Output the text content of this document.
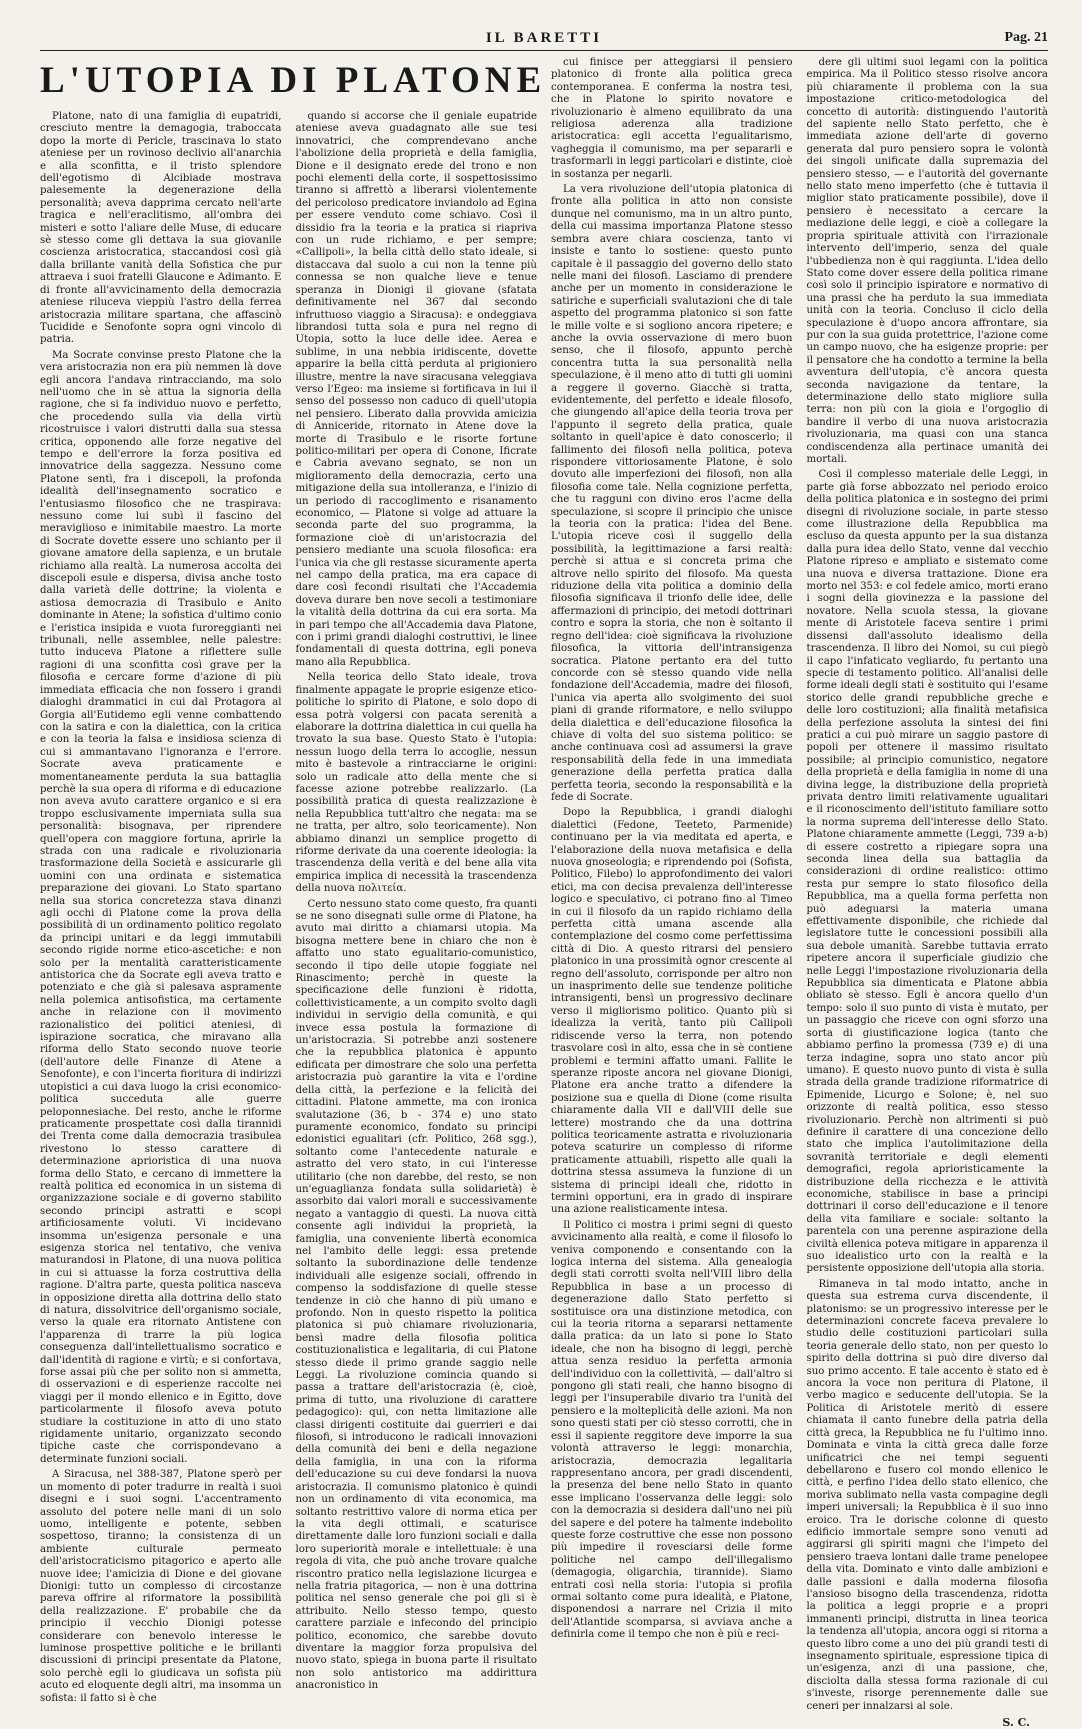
IL BARETTI	Pag. 21
L'UTOPIA DI PLATONE

Platone, nato di una famiglia di eupatridi, cresciuto mentre la demagogia, traboccata dopo la morte di Pericle, trascinava lo stato ateniese per un rovinoso declivio all'anarchia e alla sconfitta, e il tristo splendore dell'egotismo di Alcibiade mostrava palesemente la degenerazione della personalità; aveva dapprima cercato nell'arte tragica e nell'eraclitismo, all'ombra dei misteri e sotto l'aliare delle Muse, di educare sè stesso come gli dettava la sua giovanile coscienza aristocratica, staccandosi così già dalla brillante vanità della Sofistica che pur attraeva i suoi fratelli Glaucone e Adimanto. E di fronte all'avvicinamento della democrazia ateniese rilucevа vieppiù l'astro della ferrea aristocrazia militare spartana, che affascinò Tucidide e Senofonte sopra ogni vincolo di patria.

Ma Socrate convinse presto Platone che la vera aristocrazia non era più nemmen là dove egli ancora l'andava rintracciando, ma solo nell'uomo che in sè attua la signoria della ragione, che si fa individuo nuovo e perfetto, che procedendo sulla via della virtù ricostruisce i valori distrutti dalla sua stessa critica, opponendo alle forze negative del tempo e dell'errore la forza positiva ed innovatrice della saggezza. Nessuno come Platone sentì, fra i discepoli, la profonda idealità dell'insegnamento socratico e l'entusiasmo filosofico che ne traspirava: nessuno come lui subì il fascino del meraviglioso e inimitabile maestro. La morte di Socrate dovette essere uno schianto per il giovane amatore della sapienza, e un brutale richiamo alla realtà. La numerosa accolta dei discepoli esule e dispersa, divisa anche tosto dalla varietà delle dottrine; la violenta e astiosa democrazia di Trasibulo e Anito dominante in Atene; la sofistica d'ultimo conio e l'eristica insipida e vuota furoreggianti nei tribunali, nelle assemblee, nelle palestre: tutto induceva Platone a riflettere sulle ragioni di una sconfitta così grave per la filosofia e cercare forme d'azione di più immediata efficacia che non fossero i grandi dialoghi drammatici in cui dal Protagora al Gorgia all'Eutidemo egli venne combattendo con la satira e con la dialettica, con la critica e con la teoria la falsa e insidiosa scienza di cui si ammantavano l'ignoranza e l'errore. Socrate aveva praticamente e momentaneamente perduta la sua battaglia perchè la sua opera di riforma e di educazione non aveva avuto carattere organico e si era troppo esclusivamente imperniata sulla sua personalità: bisognava, per riprendere quell'opera con maggiore fortuna, aprirle la strada con una radicale e rivoluzionaria trasformazione della Società e assicurarle gli uomini con una ordinata e sistematica preparazione dei giovani. Lo Stato spartano nella sua storica concretezza stava dinanzi agli occhi di Platone come la prova della possibilità di un ordinamento politico regolato da principi unitari e da leggi immutabili secondo rigide norme etico-ascetiche: e non solo per la mentalità caratteristicamente antistorica che da Socrate egli aveva tratto e potenziato e che già si palesava aspramente nella polemica antisofistica, ma certamente anche in relazione con il movimento razionalistico dei politici ateniesi, di ispirazione socratica, che miravano alla riforma dello Stato secondo nuove teorie (dell'autore delle Finanze di Atene a Senofonte), e con l'incerta fioritura di indirizzi utopistici a cui dava luogo la crisi economico-politica succeduta alle guerre peloponnesiache. Del resto, anche le riforme praticamente prospettate così dalla tirannidi dei Trenta come dalla democrazia trasibulea rivestono lo stesso carattere di determinazione aprioristica di una nuova forma dello Stato, e cercano di immettere la realtà politica ed economica in un sistema di organizzazione sociale e di governo stabilito secondo principi astratti e scopi artificiosamente voluti. Vi incidevano insomma un'esigenza personale e una esigenza storica nel tentativo, che veniva maturandosi in Platone, di una nuova politica in cui si attuasse la forza costruttiva della ragione. D'altra parte, questa politica nasceva in opposizione diretta alla dottrina dello stato di natura, dissolvitrice dell'organismo sociale, verso la quale era ritornato Antistene con l'apparenza di trarre la più logica conseguenza dall'intellettualismo socratico e dall'identità di ragione e virtù; e si confortava, forse assai più che per solito non si ammetta, di osservazioni e di esperienze raccolte nei viaggi per il mondo ellenico e in Egitto, dove particolarmente il filosofo aveva potuto studiare la costituzione in atto di uno stato rigidamente unitario, organizzato secondo tipiche caste che corrispondevano a determinate funzioni sociali.

A Siracusa, nel 388-387, Platone sperò per un momento di poter tradurre in realtà i suoi disegni e i suoi sogni. L'accentramento assoluto del potere nelle mani di un solo uomo, intelligente e potente, sebben sospettoso, tiranno; la consistenza di un ambiente culturale permeato dell'aristocraticismo pitagorico e aperto alle nuove idee; l'amicizia di Dione e del giovane Dionigi: tutto un complesso di circostanze pareva offrire al riformatore la possibilità della realizzazione. E' probabile che da principio il vecchio Dionigi potesse considerare con benevolo interesse le luminose prospettive politiche e le brillanti discussioni di principi presentate da Platone, solo perchè egli lo giudicava un sofista più acuto ed eloquente degli altri, ma insomma un sofista: il fatto si è che

quando si accorse che il geniale eupatride ateniese aveva guadagnato alle sue tesi innovatrici, che comprendevano anche l'abolizione della proprietà e della famiglia, Dione e il designato erede del trono e non pochi elementi della corte, il sospettosissimo tiranno si affrettò a liberarsi violentemente del pericoloso predicatore inviandolo ad Egina per essere venduto come schiavo. Così il dissidio fra la teoria e la pratica si riapriva con un rude richiamo, e per sempre; «Callipoli», la bella città dello stato ideale, si distaccava dal suolo a cui non la tenne più connessa se non qualche lieve e tenue speranza in Dionigi il giovane (sfatata definitivamente nel 367 dal secondo infruttuoso viaggio a Siracusa): e ondeggiava librandosi tutta sola e pura nel regno di Utopia, sotto la luce delle idee. Aerea e sublime, in una nebbia iridiscente, dovette apparire la bella città perduta al prigioniero illustre, mentre la nave siracusana veleggiava verso l'Egeo: ma insieme si fortificava in lui il senso del possesso non caduco di quell'utopia nel pensiero. Liberato dalla provvida amicizia di Anniceride, ritornato in Atene dove la morte di Trasibulo e le risorte fortune politico-militari per opera di Conone, Ificrate e Cabria avevano segnato, se non un miglioramento della democrazia, certo una mitigazione della sua intolleranza, e l'inizio di un periodo di raccoglimento e risanamento economico, — Platone si volge ad attuare la seconda parte del suo programma, la formazione cioè di un'aristocrazia del pensiero mediante una scuola filosofica: era l'unica via che gli restasse sicuramente aperta nel campo della pratica, ma era capace di dare così fecondi risultati che l'Accademia doveva durare ben nove secoli a testimoniare la vitalità della dottrina da cui era sorta. Ma in pari tempo che all'Accademia dava Platone, con i primi grandi dialoghi costruttivi, le linee fondamentali di questa dottrina, egli poneva mano alla Repubblica.

Nella teorica dello Stato ideale, trova finalmente appagate le proprie esigenze etico-politiche lo spirito di Platone, e solo dopo di essa potrà volgersi con pacata serenità a elaborare la dottrina dialettica in cui quella ha trovato la sua base. Questo Stato è l'utopia: nessun luogo della terra lo accoglie, nessun mito è bastevole a rintracciarne le origini: solo un radicale atto della mente che si facesse azione potrebbe realizzarlo. (La possibilità pratica di questa realizzazione è nella Repubblica tutt'altro che negata: ma se ne tratta, per altro, solo teoricamente). Non abbiamo dinanzi un semplice progetto di riforme derivate da una coerente ideologia: la trascendenza della verità e del bene alla vita empirica implica di necessità la trascendenza della nuova πολιτεία.

Certo nessuno stato come questo, fra quanti se ne sono disegnati sulle orme di Platone, ha avuto mai diritto a chiamarsi utopia. Ma bisogna mettere bene in chiaro che non è affatto uno stato egualitario-comunistico, secondo il tipo delle utopie foggiate nel Rinascimento; perchè in queste la specificazione delle funzioni è ridotta, collettivisticamente, a un compito svolto dagli individui in servigio della comunità, e qui invece essa postula la formazione di un'aristocrazia. Si potrebbe anzi sostenere che la repubblica platonica è appunto edificata per dimostrare che solo una perfetta aristocrazia può garantire la vita e l'ordine della città, la perfezione e la felicità dei cittadini. Platone ammette, ma con ironica svalutazione (36, b - 374 e) uno stato puramente economico, fondato su principi edonistici egualitari (cfr. Politico, 268 sgg.), soltanto come l'antecedente naturale e astratto del vero stato, in cui l'interesse utilitario (che non darebbe, del resto, se non un'eguaglianza fondata sulla solidarietà) è assorbito dai valori morali e successivamente negato a vantaggio di questi. La nuova città consente agli individui la proprietà, la famiglia, una conveniente libertà economica nel l'ambito delle leggi: essa pretende soltanto la subordinazione delle tendenze individuali alle esigenze sociali, offrendo in compenso la soddisfazione di quelle stesse tendenze in ciò che hanno di più umano e profondo. Non in questo rispetto la politica platonica si può chiamare rivoluzionaria, bensì madre della filosofia politica costituzionalistica e legalitaria, di cui Platone stesso diede il primo grande saggio nelle Leggi. La rivoluzione comincia quando si passa a trattare dell'aristocrazia (è, cioè, prima di tutto, una rivoluzione di carattere pedagogico): qui, con netta limitazione alle classi dirigenti costituite dai guerrieri e dai filosofi, si introducono le radicali innovazioni della comunità dei beni e della negazione della famiglia, in una con la riforma dell'educazione su cui deve fondarsi la nuova aristocrazia. Il comunismo platonico è quindi non un ordinamento di vita economica, ma soltanto restrittivo valore di norma etica per la vita degli ottimali, e scaturisce direttamente dalle loro funzioni sociali e dalla loro superiorità morale e intellettuale: è una regola di vita, che può anche trovare qualche riscontro pratico nella legislazione licurgea e nella fratria pitagorica, — non è una dottrina politica nel senso generale che poi gli si è attribuito. Nello stesso tempo, questo carattere parziale e infecondo del principio politico, economico, che sarebbe dovuto diventare la maggior forza propulsiva del nuovo stato, spiega in buona parte il risultato non solo antistorico ma addirittura anacronistico in

cui finisce per atteggiarsi il pensiero platonico di fronte alla politica greca contemporanea. E conferma la nostra tesi, che in Platone lo spirito novatore e rivoluzionario è almeno equilibrato da una religiosa aderenza alla tradizione aristocratica: egli accetta l'egualitarismo, vagheggia il comunismo, ma per separarli e trasformarli in leggi particolari e distinte, cioè in sostanza per negarli.

La vera rivoluzione dell'utopia platonica di fronte alla politica in atto non consiste dunque nel comunismo, ma in un altro punto, della cui massima importanza Platone stesso sembra avere chiara coscienza, tanto vi insiste e tanto lo sostiene: questo punto capitale è il passaggio del governo dello stato nelle mani dei filosofi. Lasciamo di prendere anche per un momento in considerazione le satiriche e superficiali svalutazioni che di tale aspetto del programma platonico si son fatte le mille volte e si sogliono ancora ripetere; e anche la ovvia osservazione di mero buon senso, che il filosofo, appunto perchè concentra tutta la sua personalità nella speculazione, è il meno atto di tutti gli uomini a reggere il governo. Giacchè si tratta, evidentemente, del perfetto e ideale filosofo, che giungendo all'apice della teoria trova per l'appunto il segreto della pratica, quale soltanto in quell'apice è dato conoscerlo; il fallimento dei filosofi nella politica, poteva rispondere vittoriosamente Platone, è solo dovuto alle imperfezioni dei filosofi, non alla filosofia come tale. Nella cognizione perfetta, che tu ragguni con divino eros l'acme della speculazione, si scopre il principio che unisce la teoria con la pratica: l'idea del Bene. L'utopia riceve così il suggello della possibilità, la legittimazione a farsi realtà: perchè si attua e si concreta prima che altrove nello spirito del filosofo. Ma questa riduzione della vita politica a dominio della filosofia significava il trionfo delle idee, delle affermazioni di principio, dei metodi dottrinari contro e sopra la storia, che non è soltanto il regno dell'idea: cioè significava la rivoluzione filosofica, la vittoria dell'intransigenza socratica. Platone pertanto era del tutto concorde con sè stesso quando vide nella fondazione dell'Accademia, madre dei filosofi, l'unica via aperta allo svolgimento dei suoi piani di grande riformatore, e nello sviluppo della dialettica e dell'educazione filosofica la chiave di volta del suo sistema politico: se anche continuava così ad assumersi la grave responsabilità della fede in una immediata generazione della perfetta pratica dalla perfetta teoria, secondo la responsabilità e la fede di Socrate.

Dopo la Repubblica, i grandi dialoghi dialettici (Fedone, Teeteto, Parmenide) continuano per la via meditata ed aperta, e l'elaborazione della nuova metafisica e della nuova gnoseologia; e riprendendo poi (Sofista, Politico, Filebo) lo approfondimento dei valori etici, ma con decisa prevalenza dell'interesse logico e speculativo, ci potrano fino al Timeo in cui il filosofo da un rapido richiamo della perfetta città umana ascende alla contemplazione del cosmo come perfettissima città di Dio. A questo ritrarsi del pensiero platonico in una prossimità ognor crescente al regno dell'assoluto, corrisponde per altro non un inasprimento delle sue tendenze politiche intransigenti, bensì un progressivo declinare verso il migliorismo politico. Quanto più si idealizza la verità, tanto più Callipoli ridiscende verso la terra, non potendo trasvolare così in alto, essa che in sè contiene problemi e termini affatto umani. Fallite le speranze riposte ancora nel giovane Dionigi, Platone era anche tratto a difendere la posizione sua e quella di Dione (come risulta chiaramente dalla VII e dall'VIII delle sue lettere) mostrando che da una dottrina politica teoricamente astratta e rivoluzionaria poteva scaturire un complesso di riforme praticamente attuabili, rispetto alle quali la dottrina stessa assumeva la funzione di un sistema di principi ideali che, ridotto in termini opportuni, era in grado di inspirare una azione realisticamente intesa.

Il Politico ci mostra i primi segni di questo avvicinamento alla realtà, e come il filosofo lo veniva componendo e consentando con la logica interna del sistema. Alla genealogia degli stati corrotti svolta nell'VIII libro della Repubblica in base a un processo di degenerazione dallo Stato perfetto si sostituisce ora una distinzione metodica, con cui la teoria ritorna a separarsi nettamente dalla pratica: da un lato si pone lo Stato ideale, che non ha bisogno di leggi, perchè attua senza residuo la perfetta armonia dell'individuo con la collettività, — dall'altro si pongono gli stati reali, che hanno bisogno di leggi per l'insuperabile divario tra l'unità del pensiero e la molteplicità delle azioni. Ma non sono questi stati per ciò stesso corrotti, che in essi il sapiente reggitore deve imporre la sua volontà attraverso le leggi: monarchia, aristocrazia, democrazia legalitaria rappresentano ancora, per gradi discendenti, la presenza del bene nello Stato in quanto esse implicano l'osservanza delle leggi: solo con la democrazia si desidera dall'uno nei più del sapere e del potere ha talmente indebolito queste forze costruttive che esse non possono più impedire il rovesciarsi delle forme politiche nel campo dell'illegalismo (demagogia, oligarchia, tirannide). Siamo entrati così nella storia: l'utopia si profila ormai soltanto come pura idealità, e Platone, disponendosi a narrare nel Crizia il mito dell'Atlantide scomparsa, si avviava anche a definirla come il tempo che non è più e reci-

dere gli ultimi suoi legami con la politica empirica. Ma il Politico stesso risolve ancora più chiaramente il problema con la sua impostazione critico-metodologica del concetto di autorità: distinguendo l'autorità del sapiente nello Stato perfetto, che è immediata azione dell'arte di governo generata dal puro pensiero sopra le volontà dei singoli unificate dalla supremazia del pensiero stesso, — e l'autorità del governante nello stato meno imperfetto (che è tuttavia il miglior stato praticamente possibile), dove il pensiero è necessitato a cercare la mediazione delle leggi, e cioè a collegare la propria spirituale attività con l'irrazionale intervento dell'imperio, senza del quale l'ubbedienza non è qui raggiunta. L'idea dello Stato come dover essere della politica rimane così solo il principio ispiratore e normativo di una prassi che ha perduto la sua immediata unità con la teoria. Concluso il ciclo della speculazione è d'uopo ancora affrontare, sia pur con la sua guida protettrice, l'azione come un campo nuovo, che ha esigenze proprie: per il pensatore che ha condotto a termine la bella avventura dell'utopia, c'è ancora questa seconda navigazione da tentare, la determinazione dello stato migliore sulla terra: non più con la gioia e l'orgoglio di bandire il verbo di una nuova aristocrazia rivoluzionaria, ma quasi con una stanca condiscendenza alla pertinace umanità dei mortali.

Così il complesso materiale delle Leggi, in parte già forse abbozzato nel periodo eroico della politica platonica e in sostegno dei primi disegni di rivoluzione sociale, in parte stesso come illustrazione della Repubblica ma escluso da questa appunto per la sua distanza dalla pura idea dello Stato, venne dal vecchio Platone ripreso e ampliato e sistemato come una nuova e diversa trattazione. Dione era morto nel 353: e col fedele amico, morti erano i sogni della giovinezza e la passione del novatore. Nella scuola stessa, la giovane mente di Aristotele faceva sentire i primi dissensi dall'assoluto idealismo della trascendenza. Il libro dei Nomoi, su cui piegò il capo l'infaticato vegliardo, fu pertanto una specie di testamento politico. All'analisi delle forme ideali degli stati è sostituito qui l'esame storico delle grandi repubbliche greche e delle loro costituzioni; alla finalità metafisica della perfezione assoluta la sintesi dei fini pratici a cui può mirare un saggio pastore di popoli per ottenere il massimo risultato possibile; al principio comunistico, negatore della proprietà e della famiglia in nome di una divina legge, la distribuzione della proprietà privata dentro limiti relativamente ugualitari e il riconoscimento dell'istituto familiare sotto la norma suprema dell'interesse dello Stato. Platone chiaramente ammette (Leggi, 739 a-b) di essere costretto a ripiegare sopra una seconda linea della sua battaglia da considerazioni di ordine realistico: ottimo resta pur sempre lo stato filosofico della Repubblica, ma a quella forma perfetta non può adeguarsi la materia umana effettivamente disponibile, che richiede dal legislatore tutte le concessioni possibili alla sua debole umanità. Sarebbe tuttavia errato ripetere ancora il superficiale giudizio che nelle Leggi l'impostazione rivoluzionaria della Repubblica sia dimenticata e Platone abbia obliato sè stesso. Egli è ancora quello d'un tempo: solo il suo punto di vista è mutato, per un passaggio che riceve con ogni sforzo una sorta di giustificazione logica (tanto che abbiamo perfino la promessa (739 e) di una terza indagine, sopra uno stato ancor più umano). E questo nuovo punto di vista è sulla strada della grande tradizione riformatrice di Epimenide, Licurgo e Solone; è, nel suo orizzonte di realtà politica, esso stesso rivoluzionario. Perchè non altrimenti si può definire il carattere di una concezione dello stato che implica l'autolimitazione della sovranità territoriale e degli elementi demografici, regola aprioristicamente la distribuzione della ricchezza e le attività economiche, stabilisce in base a principi dottrinari il corso dell'educazione e il tenore della vita familiare e sociale: soltanto la parentela con una perenne aspirazione della civiltà ellenica poteva mitigare in apparenza il suo idealistico urto con la realtà e la persistente opposizione dell'utopia alla storia.

Rimaneva in tal modo intatto, anche in questa sua estrema curva discendente, il platonismo: se un progressivo interesse per le determinazioni concrete faceva prevalere lo studio delle costituzioni particolari sulla teoria generale dello stato, non per questo lo spirito della dottrina si può dire diverso dal suo primo accento. E tale accento è stato ed è ancora la voce non peritura di Platone, il verbo magico e seducente dell'utopia. Se la Politica di Aristotele meritò di essere chiamata il canto funebre della patria della città greca, la Repubblica ne fu l'ultimo inno. Dominata e vinta la città greca dalle forze unificatrici che nei tempi seguenti debellarono e fusero col mondo ellenico le città, e perfino l'idea dello stato ellenico, che moriva sublimato nella vasta compagine degli imperi universali; la Repubblica è il suo inno eroico. Tra le dorische colonne di questo edificio immortale sempre sono venuti ad aggirarsi gli spiriti magni che l'impeto del pensiero traeva lontani dalle trame penelopee della vita. Dominato e vinto dalle ambizioni e dalle passioni e dalla moderna filosofia l'ansioso bisogno della trascendenza, ridotta la politica a leggi proprie e a propri immanenti principi, distrutta in linea teorica la tendenza all'utopia, ancora oggi si ritorna a questo libro come a uno dei più grandi testi di insegnamento spirituale, espressione tipica di un'esigenza, anzi di una passione, che, disciolta dalla stessa forma razionale di cui s'investe, risorge perennemente dalle sue ceneri per innalzarsi al sole.

S. C.
